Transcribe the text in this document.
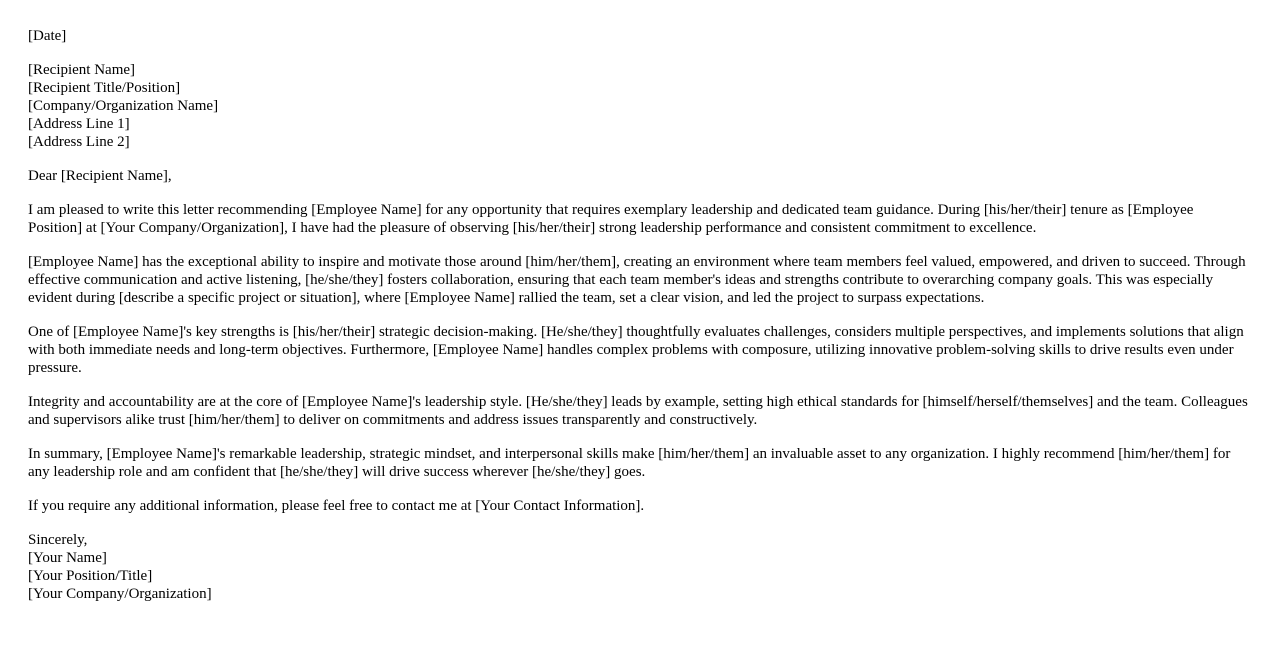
[Date]
[Recipient Name]
[Recipient Title/Position]
[Company/Organization Name]
[Address Line 1]
[Address Line 2]

Dear [Recipient Name],

I am pleased to write this letter recommending [Employee Name] for any opportunity that requires exemplary leadership and dedicated team guidance. During [his/her/their] tenure as [Employee Position] at [Your Company/Organization], I have had the pleasure of observing [his/her/their] strong leadership performance and consistent commitment to excellence.

[Employee Name] has the exceptional ability to inspire and motivate those around [him/her/them], creating an environment where team members feel valued, empowered, and driven to succeed. Through effective communication and active listening, [he/she/they] fosters collaboration, ensuring that each team member's ideas and strengths contribute to overarching company goals. This was especially evident during [describe a specific project or situation], where [Employee Name] rallied the team, set a clear vision, and led the project to surpass expectations.

One of [Employee Name]'s key strengths is [his/her/their] strategic decision-making. [He/she/they] thoughtfully evaluates challenges, considers multiple perspectives, and implements solutions that align with both immediate needs and long-term objectives. Furthermore, [Employee Name] handles complex problems with composure, utilizing innovative problem-solving skills to drive results even under pressure.

Integrity and accountability are at the core of [Employee Name]'s leadership style. [He/she/they] leads by example, setting high ethical standards for [himself/herself/themselves] and the team. Colleagues and supervisors alike trust [him/her/them] to deliver on commitments and address issues transparently and constructively.

In summary, [Employee Name]'s remarkable leadership, strategic mindset, and interpersonal skills make [him/her/them] an invaluable asset to any organization. I highly recommend [him/her/them] for any leadership role and am confident that [he/she/they] will drive success wherever [he/she/they] goes.

If you require any additional information, please feel free to contact me at [Your Contact Information].

Sincerely,
[Your Name]
[Your Position/Title]
[Your Company/Organization]
